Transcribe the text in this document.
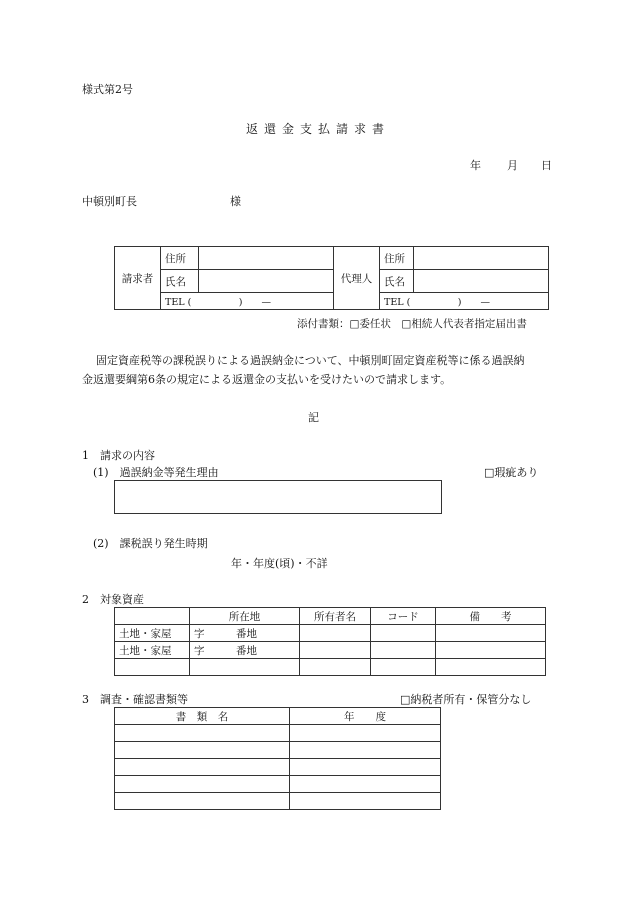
様式第2号
返還金支払請求書
年 月 日
中頓別町長	様
請求者	住所		代理人	住所	
	氏名			氏名	
	TEL (　　　　　)　　—			TEL (　　　　　)　　—	
添付書類：□委任状　□相続人代表者指定届出書
固定資産税等の課税誤りによる過誤納金について、中頓別町固定資産税等に係る過誤納
金返還要綱第6条の規定による返還金の支払いを受けたいので請求します。
記
1　請求の内容
(1)　過誤納金等発生理由	□瑕疵あり
(2)　課税誤り発生時期
年・年度(頃)・不詳
2　対象資産
	所在地	所有者名	コード	備　　考
土地・家屋	字　　　番地			
土地・家屋	字　　　番地			

3　調査・確認書類等	□納税者所有・保管分なし
書　類　名	年　　度
